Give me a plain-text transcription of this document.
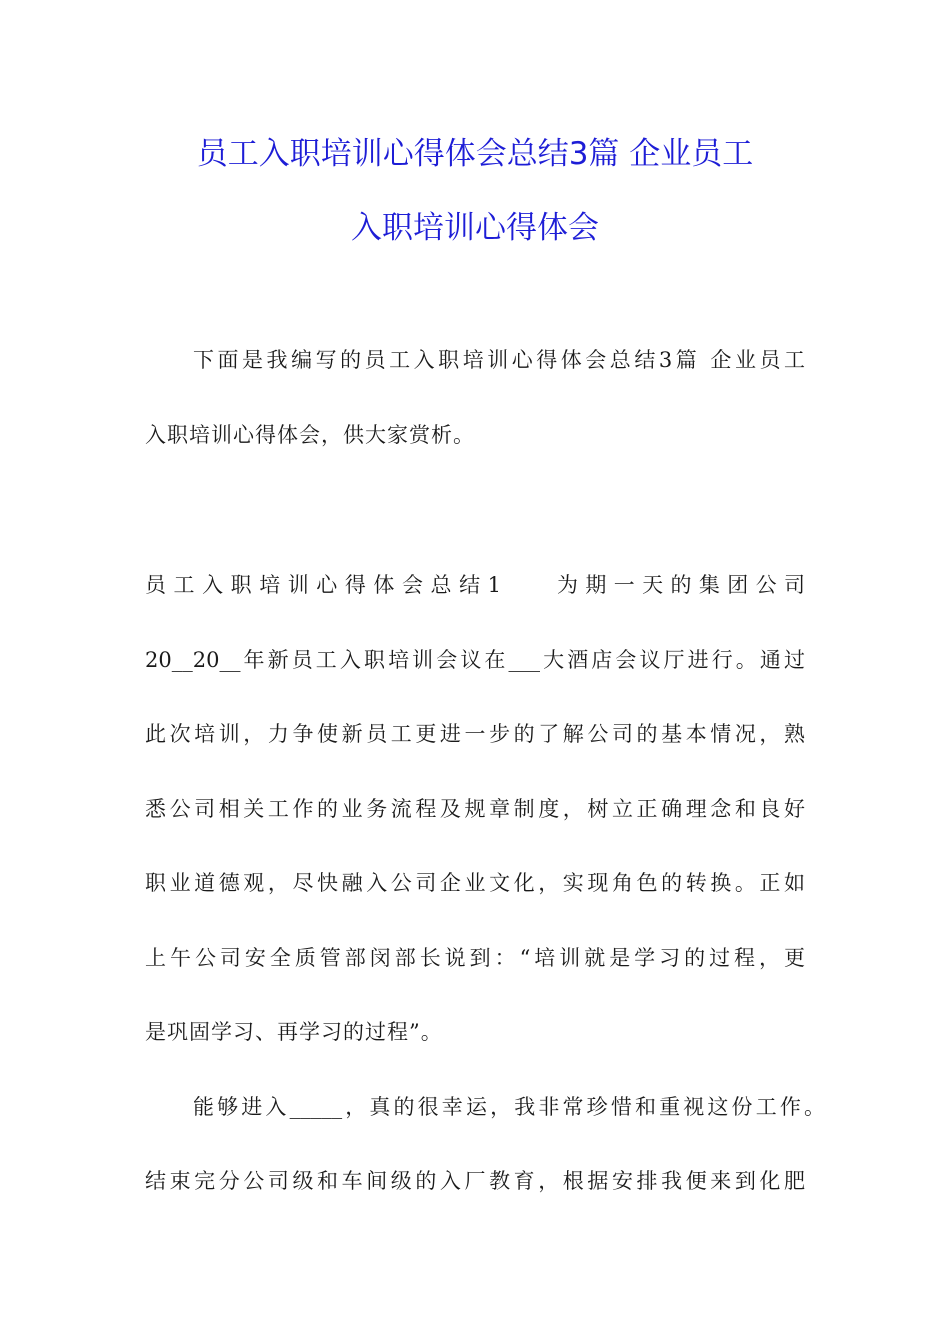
员工入职培训心得体会总结3篇 企业员工
入职培训心得体会
下面是我编写的员工入职培训心得体会总结3篇 企业员工
入职培训心得体会，供大家赏析。
员工入职培训心得体会总结1	为期一天的集团公司
20__20__年新员工入职培训会议在___大酒店会议厅进行。通过
此次培训，力争使新员工更进一步的了解公司的基本情况，熟
悉公司相关工作的业务流程及规章制度，树立正确理念和良好
职业道德观，尽快融入公司企业文化，实现角色的转换。正如
上午公司安全质管部闵部长说到：“培训就是学习的过程，更
是巩固学习、再学习的过程”。
能够进入_____，真的很幸运，我非常珍惜和重视这份工作。
结束完分公司级和车间级的入厂教育，根据安排我便来到化肥
